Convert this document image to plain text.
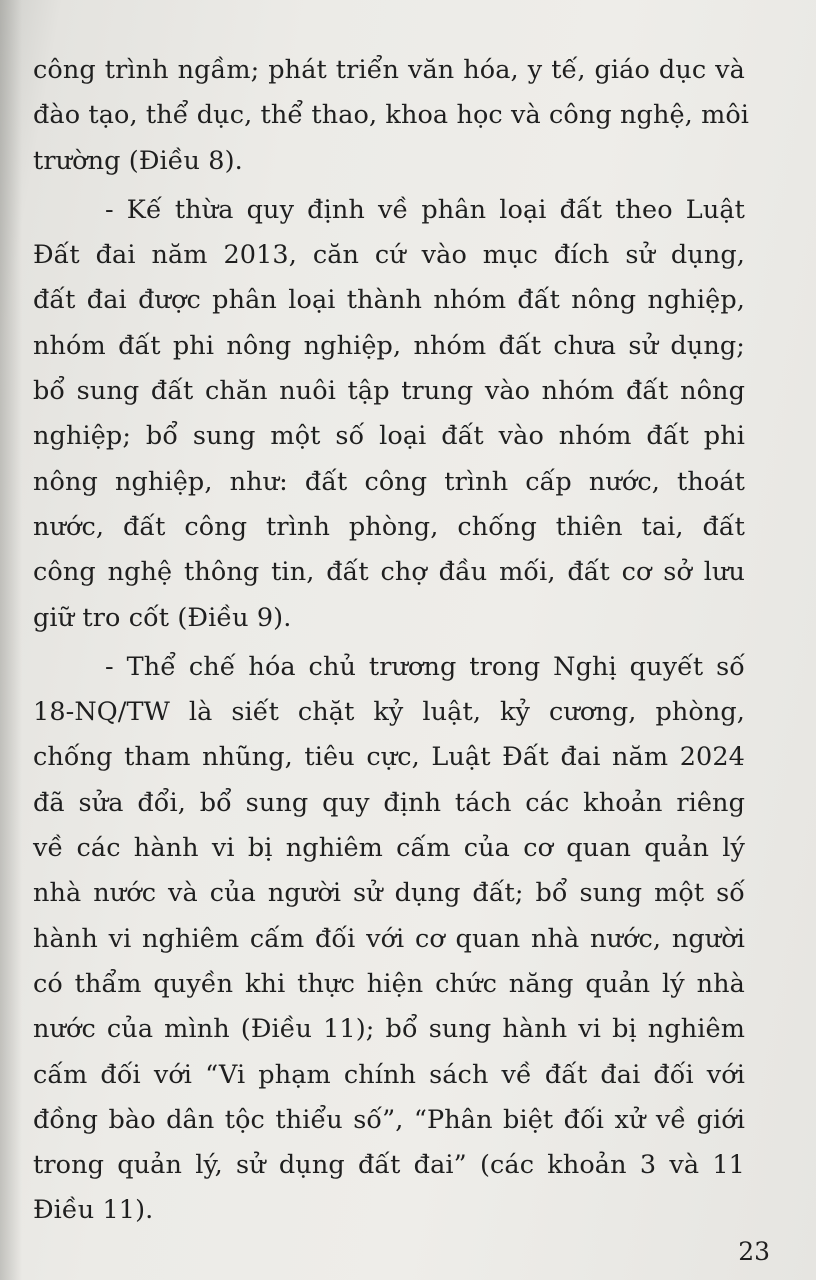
công trình ngầm; phát triển văn hóa, y tế, giáo dục và
đào tạo, thể dục, thể thao, khoa học và công nghệ, môi
trường (Điều 8).
- Kế thừa quy định về phân loại đất theo Luật
Đất đai năm 2013, căn cứ vào mục đích sử dụng,
đất đai được phân loại thành nhóm đất nông nghiệp,
nhóm đất phi nông nghiệp, nhóm đất chưa sử dụng;
bổ sung đất chăn nuôi tập trung vào nhóm đất nông
nghiệp; bổ sung một số loại đất vào nhóm đất phi
nông nghiệp, như: đất công trình cấp nước, thoát
nước, đất công trình phòng, chống thiên tai, đất
công nghệ thông tin, đất chợ đầu mối, đất cơ sở lưu
giữ tro cốt (Điều 9).
- Thể chế hóa chủ trương trong Nghị quyết số
18-NQ/TW là siết chặt kỷ luật, kỷ cương, phòng,
chống tham nhũng, tiêu cực, Luật Đất đai năm 2024
đã sửa đổi, bổ sung quy định tách các khoản riêng
về các hành vi bị nghiêm cấm của cơ quan quản lý
nhà nước và của người sử dụng đất; bổ sung một số
hành vi nghiêm cấm đối với cơ quan nhà nước, người
có thẩm quyền khi thực hiện chức năng quản lý nhà
nước của mình (Điều 11); bổ sung hành vi bị nghiêm
cấm đối với “Vi phạm chính sách về đất đai đối với
đồng bào dân tộc thiểu số”, “Phân biệt đối xử về giới
trong quản lý, sử dụng đất đai” (các khoản 3 và 11
Điều 11).
23
